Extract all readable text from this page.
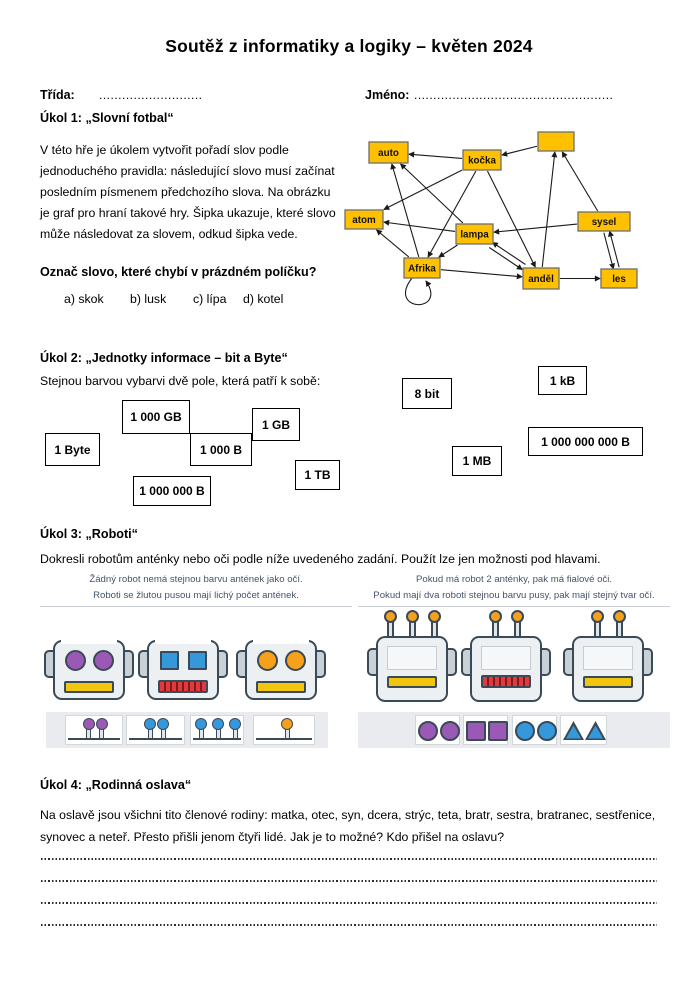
Soutěž z informatiky a logiky – květen 2024
Třída: ...........................	Jméno: ....................................................
Úkol 1: „Slovní fotbal“
V této hře je úkolem vytvořit pořadí slov podle jednoduchého pravidla: následující slovo musí začínat posledním písmenem předchozího slova. Na obrázku je graf pro hraní takové hry. Šipka ukazuje, které slovo může následovat za slovem, odkud šipka vede.
Označ slovo, které chybí v prázdném políčku?
a) skok b) lusk c) lípa d) kotel
auto
kočka
atom
lampa
sysel
Afrika
anděl	les
Úkol 2: „Jednotky informace – bit a Byte“
Stejnou barvou vybarvi dvě pole, která patří k sobě:
1 Byte
1 000 GB
1 000 000 B
1 000 B
1 GB
1 TB
8 bit
1 MB
1 kB
1 000 000 000 B
Úkol 3: „Roboti“
Dokresli robotům anténky nebo oči podle níže uvedeného zadání. Použít lze jen možnosti pod hlavami.
Žádný robot nemá stejnou barvu antének jako očí.
Roboti se žlutou pusou mají lichý počet antének.
Pokud má robot 2 anténky, pak má fialové oči.
Pokud mají dva roboti stejnou barvu pusy, pak mají stejný tvar očí.
Úkol 4: „Rodinná oslava“
Na oslavě jsou všichni tito členové rodiny: matka, otec, syn, dcera, strýc, teta, bratr, sestra, bratranec, sestřenice, synovec a neteř. Přesto přišli jenom čtyři lidé. Jak je to možné? Kdo přišel na oslavu?
